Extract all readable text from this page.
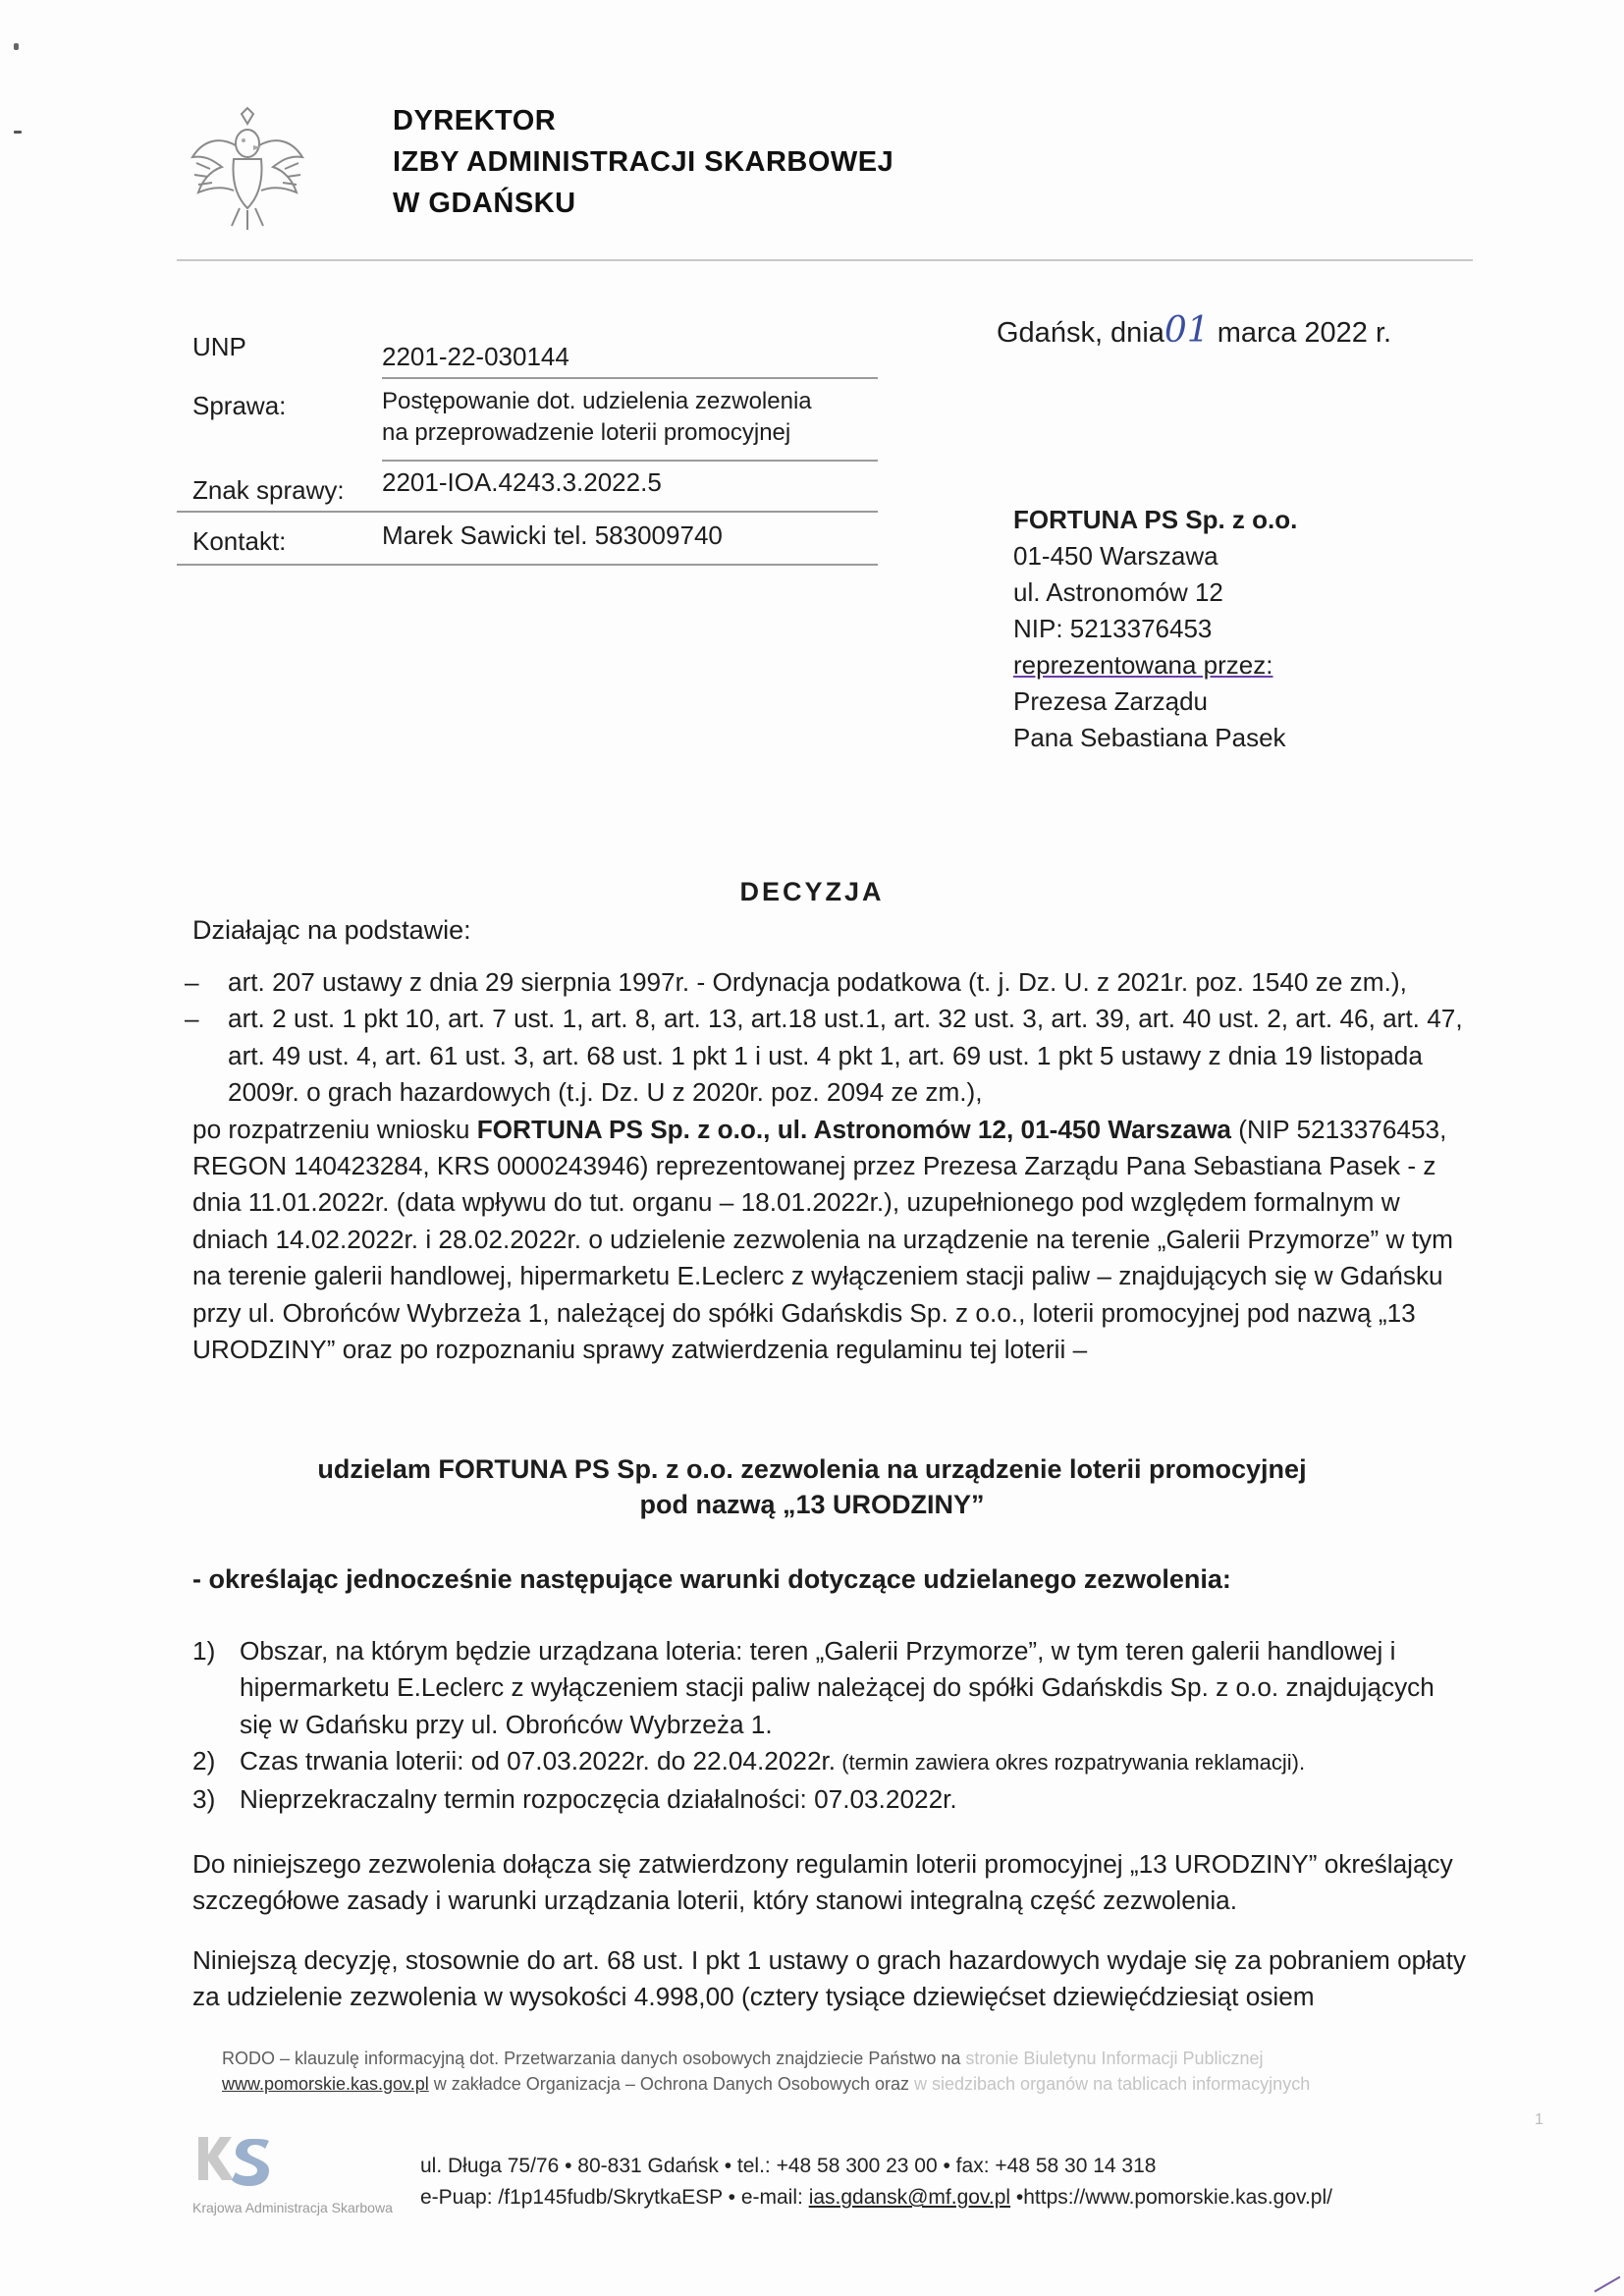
DYREKTOR
IZBY ADMINISTRACJI SKARBOWEJ
W GDAŃSKU
UNP	2201-22-030144
Sprawa:	Postępowanie dot. udzielenia zezwolenia
na przeprowadzenie loterii promocyjnej
Znak sprawy: 2201-IOA.4243.3.2022.5
Kontakt:	Marek Sawicki tel. 583009740
Gdańsk, dnia01 marca 2022 r.
FORTUNA PS Sp. z o.o.
01-450 Warszawa
ul. Astronomów 12
NIP: 5213376453
reprezentowana przez:
Prezesa Zarządu
Pana Sebastiana Pasek
DECYZJA
Działając na podstawie:

– art. 207 ustawy z dnia 29 sierpnia 1997r. - Ordynacja podatkowa (t. j. Dz. U. z 2021r. poz. 1540 ze zm.),

– art. 2 ust. 1 pkt 10, art. 7 ust. 1, art. 8, art. 13, art.18 ust.1, art. 32 ust. 3, art. 39, art. 40 ust. 2, art. 46, art. 47, art. 49 ust. 4, art. 61 ust. 3, art. 68 ust. 1 pkt 1 i ust. 4 pkt 1, art. 69 ust. 1 pkt 5 ustawy z dnia 19 listopada 2009r. o grach hazardowych (t.j. Dz. U z 2020r. poz. 2094 ze zm.),

po rozpatrzeniu wniosku FORTUNA PS Sp. z o.o., ul. Astronomów 12, 01-450 Warszawa (NIP 5213376453, REGON 140423284, KRS 0000243946) reprezentowanej przez Prezesa Zarządu Pana Sebastiana Pasek - z dnia 11.01.2022r. (data wpływu do tut. organu – 18.01.2022r.), uzupełnionego pod względem formalnym w dniach 14.02.2022r. i 28.02.2022r. o udzielenie zezwolenia na urządzenie na terenie „Galerii Przymorze” w tym na terenie galerii handlowej, hipermarketu E.Leclerc z wyłączeniem stacji paliw – znajdujących się w Gdańsku przy ul. Obrońców Wybrzeża 1, należącej do spółki Gdańskdis Sp. z o.o., loterii promocyjnej pod nazwą „13 URODZINY” oraz po rozpoznaniu sprawy zatwierdzenia regulaminu tej loterii –

udzielam FORTUNA PS Sp. z o.o. zezwolenia na urządzenie loterii promocyjnej
pod nazwą „13 URODZINY”
- określając jednocześnie następujące warunki dotyczące udzielanego zezwolenia:
1) Obszar, na którym będzie urządzana loteria: teren „Galerii Przymorze”, w tym teren galerii handlowej i hipermarketu E.Leclerc z wyłączeniem stacji paliw należącej do spółki Gdańskdis Sp. z o.o. znajdujących się w Gdańsku przy ul. Obrońców Wybrzeża 1.
2) Czas trwania loterii: od 07.03.2022r. do 22.04.2022r. (termin zawiera okres rozpatrywania reklamacji).
3) Nieprzekraczalny termin rozpoczęcia działalności: 07.03.2022r.

Do niniejszego zezwolenia dołącza się zatwierdzony regulamin loterii promocyjnej „13 URODZINY” określający szczegółowe zasady i warunki urządzania loterii, który stanowi integralną część zezwolenia.

Niniejszą decyzję, stosownie do art. 68 ust. I pkt 1 ustawy o grach hazardowych wydaje się za pobraniem opłaty za udzielenie zezwolenia w wysokości 4.998,00 (cztery tysiące dziewięćset dziewięćdziesiąt osiem

RODO – klauzulę informacyjną dot. Przetwarzania danych osobowych znajdziecie Państwo na stronie Biuletynu Informacji Publicznej
www.pomorskie.kas.gov.pl w zakładce Organizacja – Ochrona Danych Osobowych oraz w siedzibach organów na tablicach informacyjnych
Krajowa Administracja Skarbowa
ul. Długa 75/76 • 80-831 Gdańsk • tel.: +48 58 300 23 00 • fax: +48 58 30 14 318
e-Puap: /f1p145fudb/SkrytkaESP • e-mail: ias.gdansk@mf.gov.pl •https://www.pomorskie.kas.gov.pl/
1
